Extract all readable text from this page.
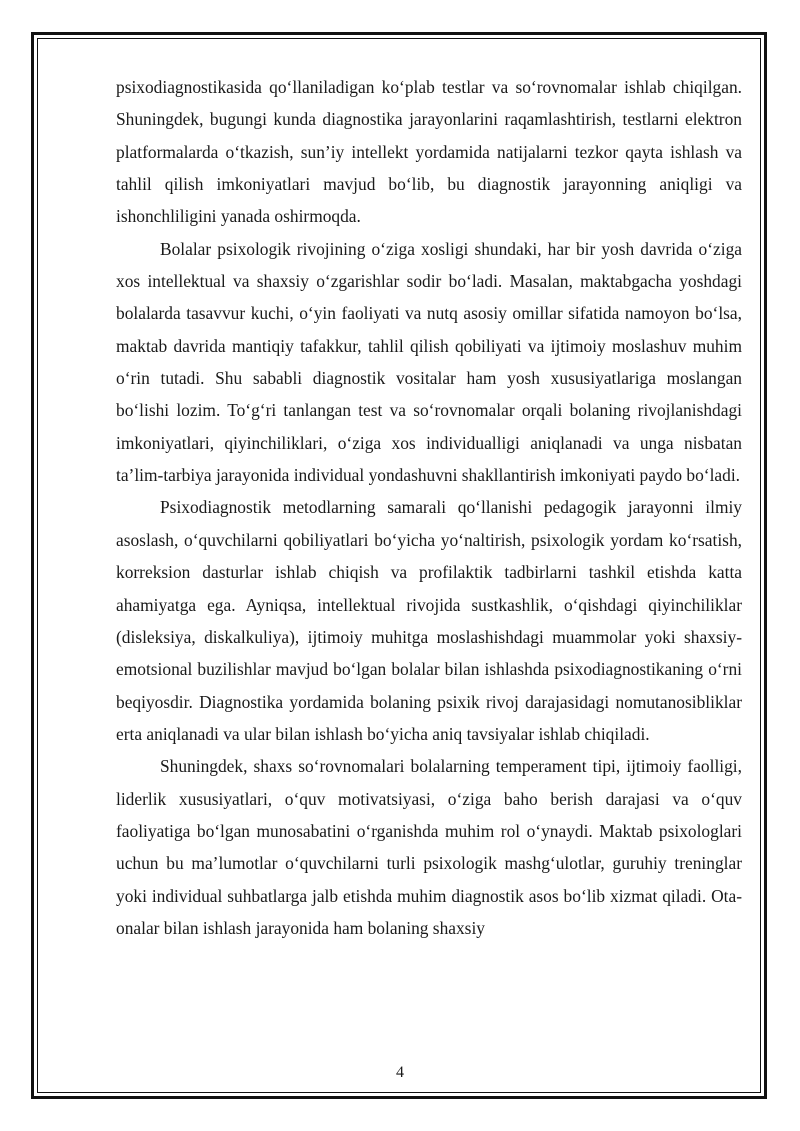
psixodiagnostikasida qo‘llaniladigan ko‘plab testlar va so‘rovnomalar ishlab chiqilgan. Shuningdek, bugungi kunda diagnostika jarayonlarini raqamlashtirish, testlarni elektron platformalarda o‘tkazish, sun’iy intellekt yordamida natijalarni tezkor qayta ishlash va tahlil qilish imkoniyatlari mavjud bo‘lib, bu diagnostik jarayonning aniqligi va ishonchliligini yanada oshirmoqda.

Bolalar psixologik rivojining o‘ziga xosligi shundaki, har bir yosh davrida o‘ziga xos intellektual va shaxsiy o‘zgarishlar sodir bo‘ladi. Masalan, maktabgacha yoshdagi bolalarda tasavvur kuchi, o‘yin faoliyati va nutq asosiy omillar sifatida namoyon bo‘lsa, maktab davrida mantiqiy tafakkur, tahlil qilish qobiliyati va ijtimoiy moslashuv muhim o‘rin tutadi. Shu sababli diagnostik vositalar ham yosh xususiyatlariga moslangan bo‘lishi lozim. To‘g‘ri tanlangan test va so‘rovnomalar orqali bolaning rivojlanishdagi imkoniyatlari, qiyinchiliklari, o‘ziga xos individualligi aniqlanadi va unga nisbatan ta’lim-tarbiya jarayonida individual yondashuvni shakllantirish imkoniyati paydo bo‘ladi.

Psixodiagnostik metodlarning samarali qo‘llanishi pedagogik jarayonni ilmiy asoslash, o‘quvchilarni qobiliyatlari bo‘yicha yo‘naltirish, psixologik yordam ko‘rsatish, korreksion dasturlar ishlab chiqish va profilaktik tadbirlarni tashkil etishda katta ahamiyatga ega. Ayniqsa, intellektual rivojida sustkashlik, o‘qishdagi qiyinchiliklar (disleksiya, diskalkuliya), ijtimoiy muhitga moslashishdagi muammolar yoki shaxsiy-emotsional buzilishlar mavjud bo‘lgan bolalar bilan ishlashda psixodiagnostikaning o‘rni beqiyosdir. Diagnostika yordamida bolaning psixik rivoj darajasidagi nomutanosibliklar erta aniqlanadi va ular bilan ishlash bo‘yicha aniq tavsiyalar ishlab chiqiladi.

Shuningdek, shaxs so‘rovnomalari bolalarning temperament tipi, ijtimoiy faolligi, liderlik xususiyatlari, o‘quv motivatsiyasi, o‘ziga baho berish darajasi va o‘quv faoliyatiga bo‘lgan munosabatini o‘rganishda muhim rol o‘ynaydi. Maktab psixologlari uchun bu ma’lumotlar o‘quvchilarni turli psixologik mashg‘ulotlar, guruhiy treninglar yoki individual suhbatlarga jalb etishda muhim diagnostik asos bo‘lib xizmat qiladi. Ota-onalar bilan ishlash jarayonida ham bolaning shaxsiy

4
